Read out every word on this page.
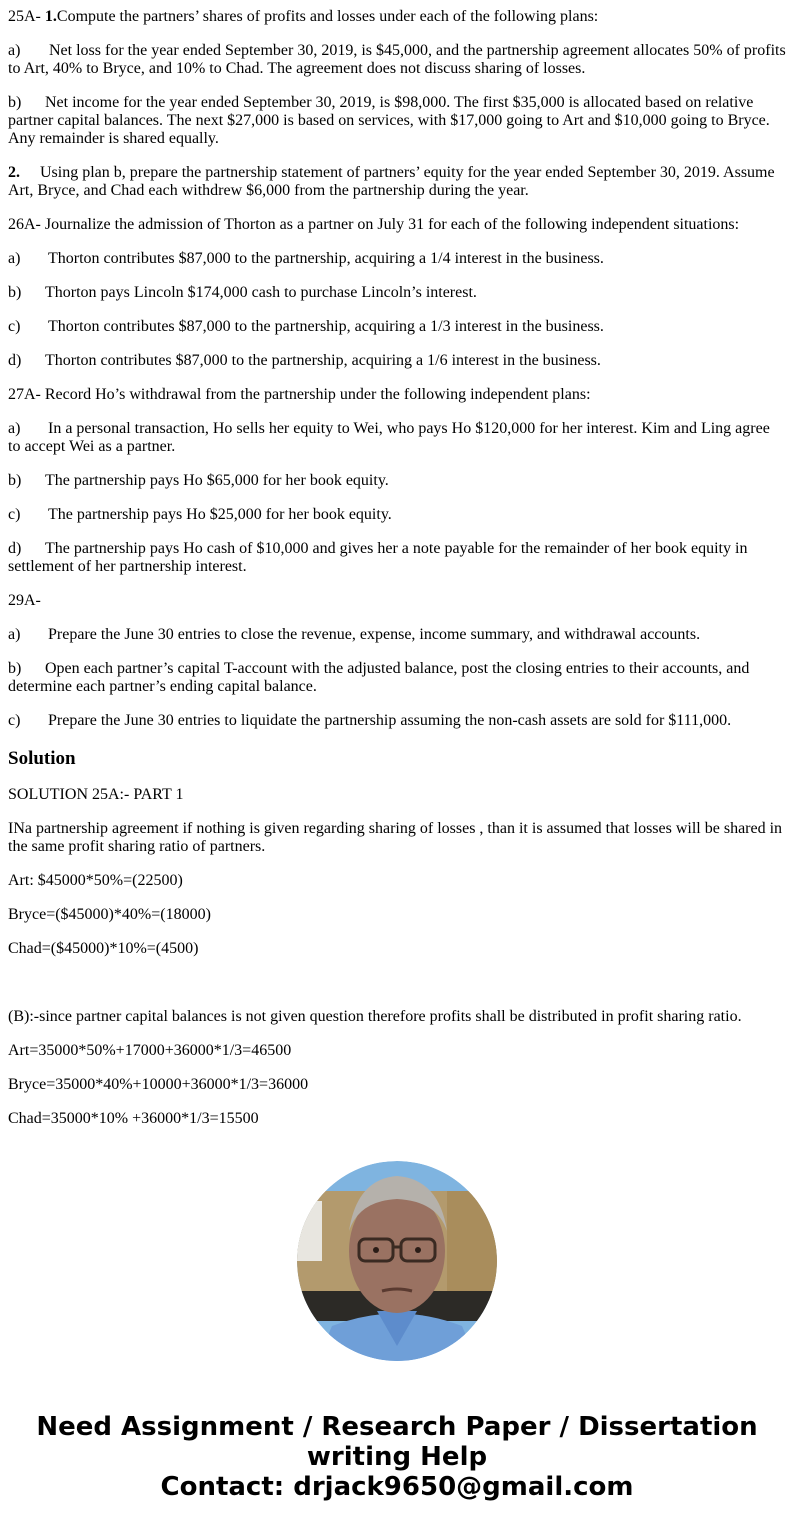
25A- 1.Compute the partners’ shares of profits and losses under each of the following plans:

a) Net loss for the year ended September 30, 2019, is $45,000, and the partnership agreement allocates 50% of profits to Art, 40% to Bryce, and 10% to Chad. The agreement does not discuss sharing of losses.

b) Net income for the year ended September 30, 2019, is $98,000. The first $35,000 is allocated based on relative partner capital balances. The next $27,000 is based on services, with $17,000 going to Art and $10,000 going to Bryce. Any remainder is shared equally.

2. Using plan b, prepare the partnership statement of partners’ equity for the year ended September 30, 2019. Assume Art, Bryce, and Chad each withdrew $6,000 from the partnership during the year.

26A- Journalize the admission of Thorton as a partner on July 31 for each of the following independent situations:

a) Thorton contributes $87,000 to the partnership, acquiring a 1/4 interest in the business.

b) Thorton pays Lincoln $174,000 cash to purchase Lincoln’s interest.

c) Thorton contributes $87,000 to the partnership, acquiring a 1/3 interest in the business.

d) Thorton contributes $87,000 to the partnership, acquiring a 1/6 interest in the business.

27A- Record Ho’s withdrawal from the partnership under the following independent plans:

a) In a personal transaction, Ho sells her equity to Wei, who pays Ho $120,000 for her interest. Kim and Ling agree to accept Wei as a partner.

b) The partnership pays Ho $65,000 for her book equity.

c) The partnership pays Ho $25,000 for her book equity.

d) The partnership pays Ho cash of $10,000 and gives her a note payable for the remainder of her book equity in settlement of her partnership interest.

29A-

a) Prepare the June 30 entries to close the revenue, expense, income summary, and withdrawal accounts.

b) Open each partner’s capital T-account with the adjusted balance, post the closing entries to their accounts, and determine each partner’s ending capital balance.

c) Prepare the June 30 entries to liquidate the partnership assuming the non-cash assets are sold for $111,000.

Solution

SOLUTION 25A:- PART 1

INa partnership agreement if nothing is given regarding sharing of losses , than it is assumed that losses will be shared in the same profit sharing ratio of partners.

Art: $45000*50%=(22500)

Bryce=($45000)*40%=(18000)

Chad=($45000)*10%=(4500)

(B):-since partner capital balances is not given question therefore profits shall be distributed in profit sharing ratio.

Art=35000*50%+17000+36000*1/3=46500

Bryce=35000*40%+10000+36000*1/3=36000

Chad=35000*10% +36000*1/3=15500

Need Assignment / Research Paper / Dissertation
writing Help
Contact: drjack9650@gmail.com
